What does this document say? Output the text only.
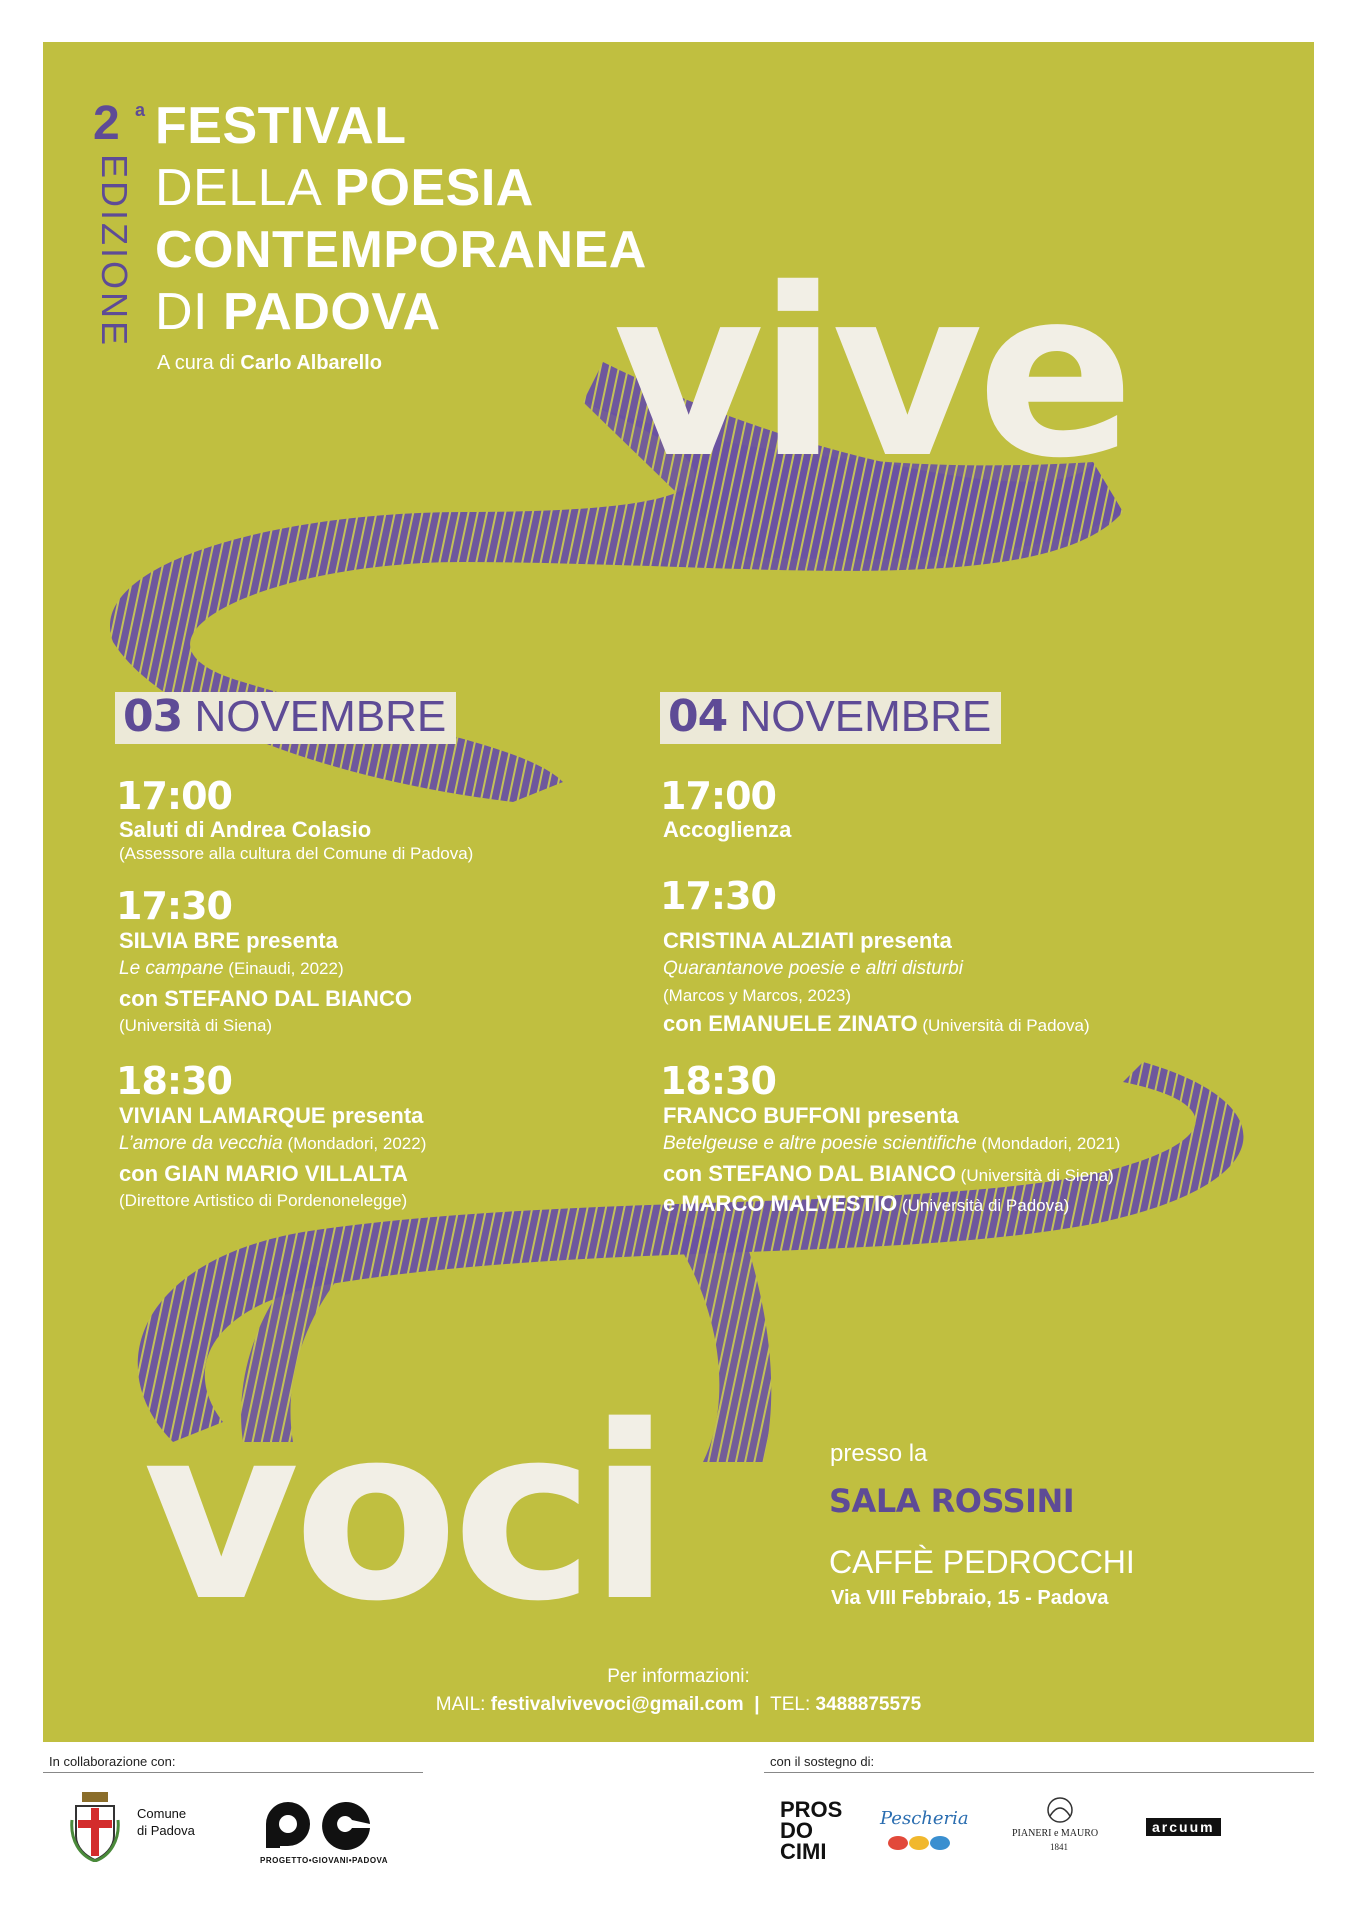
2 a
EDIZIONE
FESTIVAL
DELLA POESIA
CONTEMPORANEA
DI PADOVA
A cura di Carlo Albarello vive
voci
03 NOVEMBRE
17:00
Saluti di Andrea Colasio
(Assessore alla cultura del Comune di Padova)
17:30
SILVIA BRE presenta
Le campane (Einaudi, 2022)
con STEFANO DAL BIANCO
(Università di Siena)
18:30
VIVIAN LAMARQUE presenta
L’amore da vecchia (Mondadori, 2022)
con GIAN MARIO VILLALTA
(Direttore Artistico di Pordenonelegge)
04 NOVEMBRE
17:00
Accoglienza
17:30
CRISTINA ALZIATI presenta
Quarantanove poesie e altri disturbi
(Marcos y Marcos, 2023)
con EMANUELE ZINATO (Università di Padova)
18:30
FRANCO BUFFONI presenta
Betelgeuse e altre poesie scientifiche (Mondadori, 2021)
con STEFANO DAL BIANCO (Università di Siena)
e MARCO MALVESTIO (Università di Padova)
presso la
SALA ROSSINI
CAFFÈ PEDROCCHI
Via VIII Febbraio, 15 - Padova
Per informazioni:
MAIL: festivalvivevoci@gmail.com  |  TEL: 3488875575
In collaborazione con:	con il sostegno di:
Comune
di Padova
PROGETTO•GIOVANI•PADOVA
PROS
DO
CIMI
Pescheria
PIANERI e MAURO
1841
arcuum
